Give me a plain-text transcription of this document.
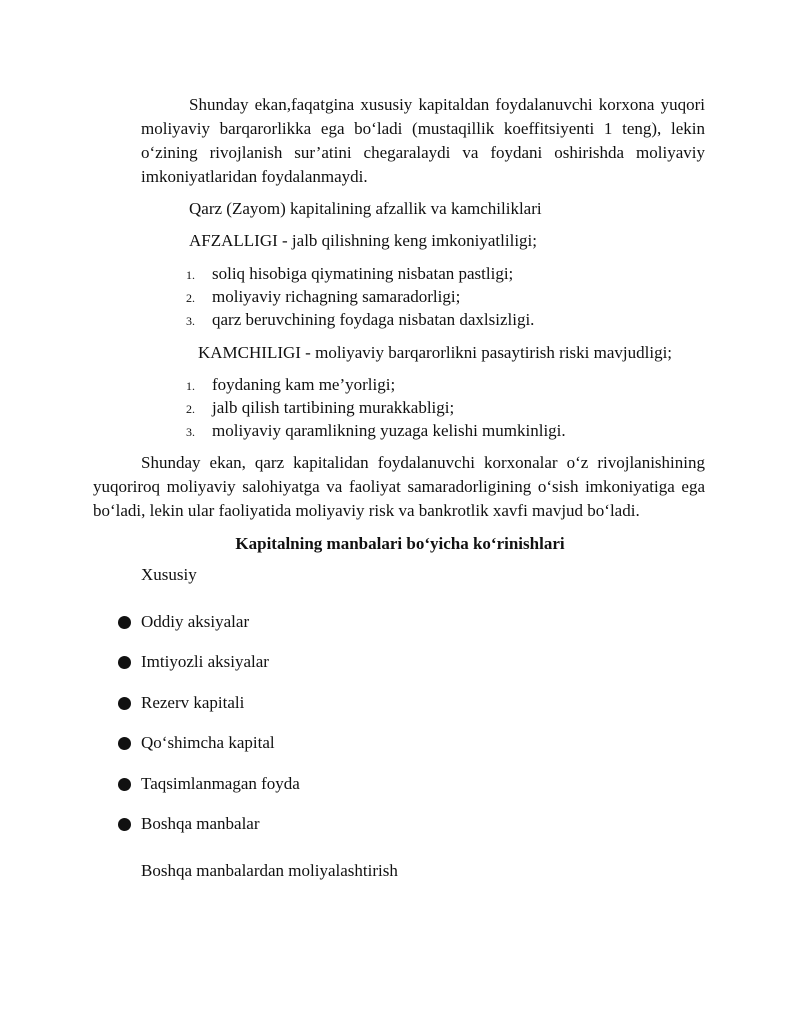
Shunday ekan,faqatgina xususiy kapitaldan foydalanuvchi korxona yuqori moliyaviy barqarorlikka ega bo‘ladi (mustaqillik koeffitsiyenti 1 teng), lekin o‘zining rivojlanish sur’atini chegaralaydi va foydani oshirishda moliyaviy imkoniyatlaridan foydalanmaydi.

Qarz (Zayom) kapitalining afzallik va kamchiliklari

AFZALLIGI - jalb qilishning keng imkoniyatliligi;

1. soliq hisobiga qiymatining nisbatan pastligi;
2. moliyaviy richagning samaradorligi;
3. qarz beruvchining foydaga nisbatan daxlsizligi.

KAMCHILIGI - moliyaviy barqarorlikni pasaytirish riski mavjudligi;

1. foydaning kam me’yorligi;
2. jalb qilish tartibining murakkabligi;
3. moliyaviy qaramlikning yuzaga kelishi mumkinligi.

Shunday ekan, qarz kapitalidan foydalanuvchi korxonalar o‘z rivojlanishining yuqoriroq moliyaviy salohiyatga va faoliyat samaradorligining o‘sish imkoniyatiga ega bo‘ladi, lekin ular faoliyatida moliyaviy risk va bankrotlik xavfi mavjud bo‘ladi.

Kapitalning manbalari bo‘yicha ko‘rinishlari

Xususiy

Oddiy aksiyalar
Imtiyozli aksiyalar
Rezerv kapitali
Qo‘shimcha kapital
Taqsimlanmagan foyda
Boshqa manbalar

Boshqa manbalardan moliyalashtirish
